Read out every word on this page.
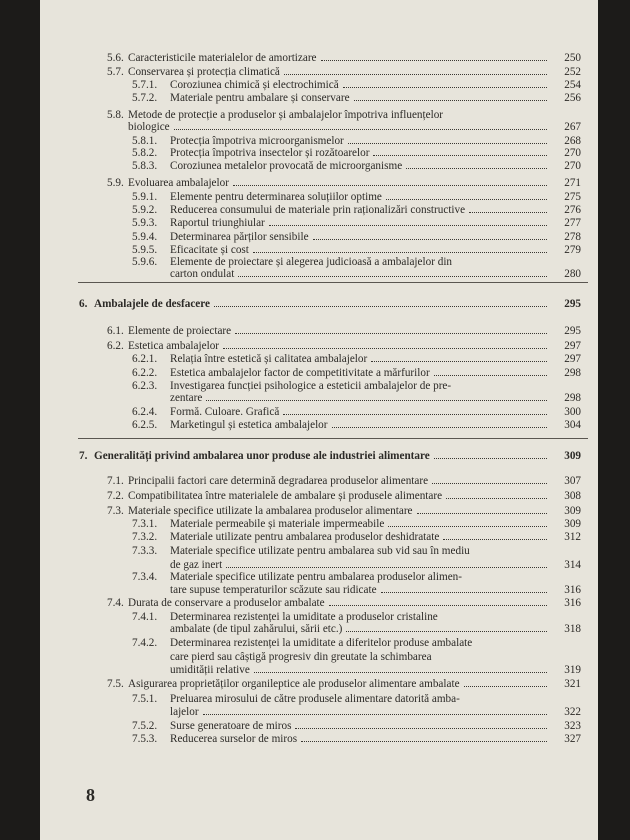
8
5.6. Caracteristicile materialelor de amortizare	250
5.7. Conservarea și protecția climatică	252
5.7.1. Coroziunea chimică și electrochimică	254
5.7.2. Materiale pentru ambalare și conservare	256
5.8. Metode de protecție a produselor și ambalajelor împotriva influențelor
biologice	267
5.8.1. Protecția împotriva microorganismelor	268
5.8.2. Protecția împotriva insectelor și rozătoarelor	270
5.8.3. Coroziunea metalelor provocată de microorganisme	270
5.9. Evoluarea ambalajelor	271
5.9.1. Elemente pentru determinarea soluțiilor optime	275
5.9.2. Reducerea consumului de materiale prin raționalizări constructive	276
5.9.3. Raportul triunghiular	277
5.9.4. Determinarea părților sensibile	278
5.9.5. Eficacitate și cost	279
5.9.6. Elemente de proiectare și alegerea judicioasă a ambalajelor din
carton ondulat	280
6. Ambalajele de desfacere	295
6.1. Elemente de proiectare	295
6.2. Estetica ambalajelor	297
6.2.1. Relația între estetică și calitatea ambalajelor	297
6.2.2. Estetica ambalajelor factor de competitivitate a mărfurilor	298
6.2.3. Investigarea funcției psihologice a esteticii ambalajelor de pre-
zentare	298
6.2.4. Formă. Culoare. Grafică	300
6.2.5. Marketingul și estetica ambalajelor	304
7. Generalități privind ambalarea unor produse ale industriei alimentare	309
7.1. Principalii factori care determină degradarea produselor alimentare	307
7.2. Compatibilitatea între materialele de ambalare și produsele alimentare	308
7.3. Materiale specifice utilizate la ambalarea produselor alimentare	309
7.3.1. Materiale permeabile și materiale impermeabile	309
7.3.2. Materiale utilizate pentru ambalarea produselor deshidratate	312
7.3.3. Materiale specifice utilizate pentru ambalarea sub vid sau în mediu
de gaz inert	314
7.3.4. Materiale specifice utilizate pentru ambalarea produselor alimen-
tare supuse temperaturilor scăzute sau ridicate	316
7.4. Durata de conservare a produselor ambalate	316
7.4.1. Determinarea rezistenței la umiditate a produselor cristaline
ambalate (de tipul zahărului, sării etc.)	318
7.4.2. Determinarea rezistenței la umiditate a diferitelor produse ambalate
care pierd sau câștigă progresiv din greutate la schimbarea
umidității relative	319
7.5. Asigurarea proprietăților organileptice ale produselor alimentare ambalate	321
7.5.1. Preluarea mirosului de către produsele alimentare datorită amba-
lajelor	322
7.5.2. Surse generatoare de miros	323
7.5.3. Reducerea surselor de miros	327
